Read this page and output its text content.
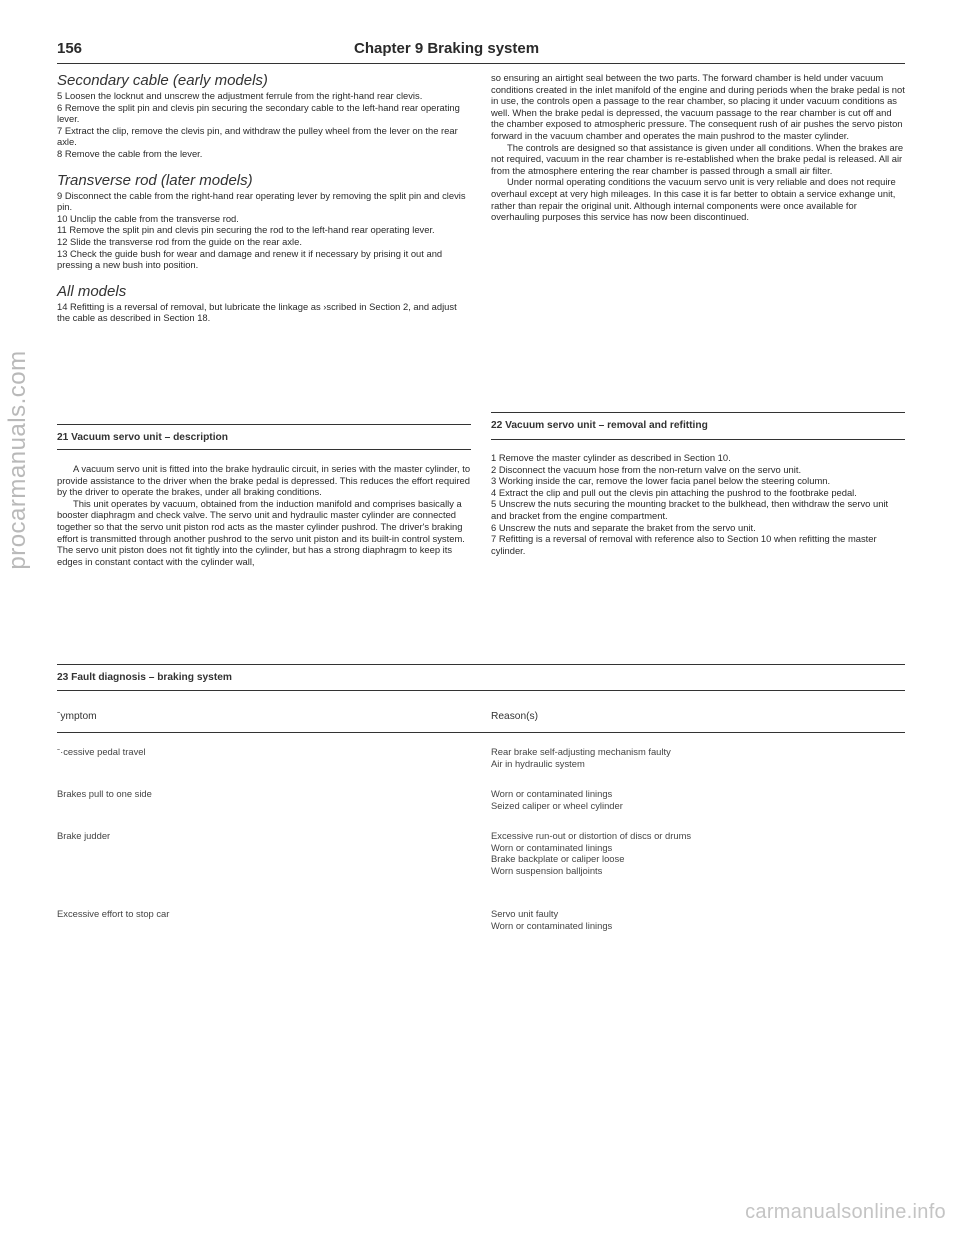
procarmanuals.com
156	Chapter 9 Braking system

Secondary cable (early models)

5 Loosen the locknut and unscrew the adjustment ferrule from the right-hand rear clevis.

6 Remove the split pin and clevis pin securing the secondary cable to the left-hand rear operating lever.

7 Extract the clip, remove the clevis pin, and withdraw the pulley wheel from the lever on the rear axle.

8 Remove the cable from the lever.

Transverse rod (later models)

9 Disconnect the cable from the right-hand rear operating lever by removing the split pin and clevis pin.

10 Unclip the cable from the transverse rod.

11 Remove the split pin and clevis pin securing the rod to the left-hand rear operating lever.

12 Slide the transverse rod from the guide on the rear axle.

13 Check the guide bush for wear and damage and renew it if necessary by prising it out and pressing a new bush into position.

All models

14 Refitting is a reversal of removal, but lubricate the linkage as ›scribed in Section 2, and adjust the cable as described in Section 18.

21 Vacuum servo unit – description

A vacuum servo unit is fitted into the brake hydraulic circuit, in series with the master cylinder, to provide assistance to the driver when the brake pedal is depressed. This reduces the effort required by the driver to operate the brakes, under all braking conditions.

This unit operates by vacuum, obtained from the induction manifold and comprises basically a booster diaphragm and check valve. The servo unit and hydraulic master cylinder are connected together so that the servo unit piston rod acts as the master cylinder pushrod. The driver's braking effort is transmitted through another pushrod to the servo unit piston and its built-in control system. The servo unit piston does not fit tightly into the cylinder, but has a strong diaphragm to keep its edges in constant contact with the cylinder wall,

so ensuring an airtight seal between the two parts. The forward chamber is held under vacuum conditions created in the inlet manifold of the engine and during periods when the brake pedal is not in use, the controls open a passage to the rear chamber, so placing it under vacuum conditions as well. When the brake pedal is depressed, the vacuum passage to the rear chamber is cut off and the chamber exposed to atmospheric pressure. The consequent rush of air pushes the servo piston forward in the vacuum chamber and operates the main pushrod to the master cylinder.

The controls are designed so that assistance is given under all conditions. When the brakes are not required, vacuum in the rear chamber is re-established when the brake pedal is released. All air from the atmosphere entering the rear chamber is passed through a small air filter.

Under normal operating conditions the vacuum servo unit is very reliable and does not require overhaul except at very high mileages. In this case it is far better to obtain a service exhange unit, rather than repair the original unit. Although internal components were once available for overhauling purposes this service has now been discontinued.

22 Vacuum servo unit – removal and refitting

1 Remove the master cylinder as described in Section 10.

2 Disconnect the vacuum hose from the non-return valve on the servo unit.

3 Working inside the car, remove the lower facia panel below the steering column.

4 Extract the clip and pull out the clevis pin attaching the pushrod to the footbrake pedal.

5 Unscrew the nuts securing the mounting bracket to the bulkhead, then withdraw the servo unit and bracket from the engine compartment.

6 Unscrew the nuts and separate the braket from the servo unit.

7 Refitting is a reversal of removal with reference also to Section 10 when refitting the master cylinder.

23 Fault diagnosis – braking system
ˉymptom	Reason(s)
ˉ·cessive pedal travel
Brakes pull to one side
Brake judder
Excessive effort to stop car
Rear brake self-adjusting mechanism faulty
Air in hydraulic system
Worn or contaminated linings
Seized caliper or wheel cylinder
Excessive run-out or distortion of discs or drums
Worn or contaminated linings
Brake backplate or caliper loose
Worn suspension balljoints
Servo unit faulty
Worn or contaminated linings
carmanualsonline.info
